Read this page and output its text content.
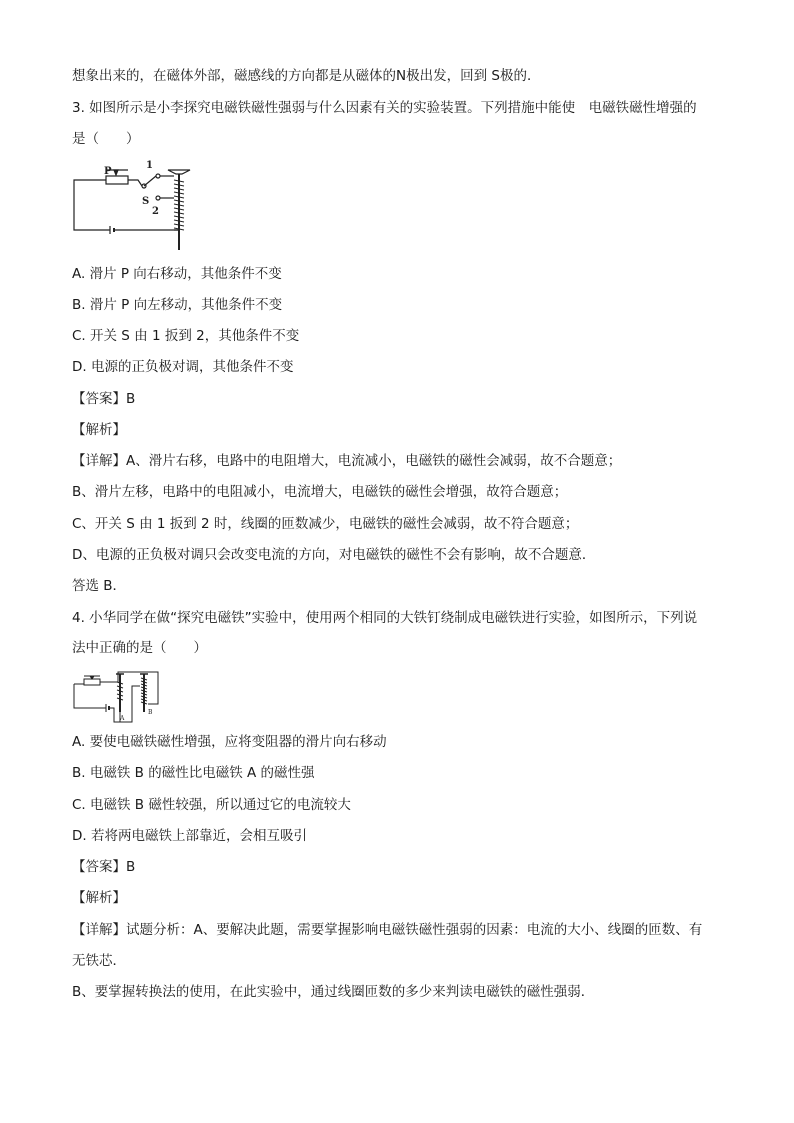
想象出来的，在磁体外部，磁感线的方向都是从磁体的N极出发，回到 S极的．
3. 如图所示是小李探究电磁铁磁性强弱与什么因素有关的实验装置。下列措施中能使　电磁铁磁性增强的
是（　　）
P
1
S
2
A. 滑片 P 向右移动，其他条件不变
B. 滑片 P 向左移动，其他条件不变
C. 开关 S 由 1 扳到 2，其他条件不变
D. 电源的正负极对调，其他条件不变
【答案】B
【解析】
【详解】A、滑片右移，电路中的电阻增大，电流减小，电磁铁的磁性会减弱，故不合题意；
B、滑片左移，电路中的电阻减小，电流增大，电磁铁的磁性会增强，故符合题意；
C、开关 S 由 1 扳到 2 时，线圈的匝数减少，电磁铁的磁性会减弱，故不符合题意；
D、电源的正负极对调只会改变电流的方向，对电磁铁的磁性不会有影响，故不合题意．
答选 B．
4. 小华同学在做“探究电磁铁”实验中，使用两个相同的大铁钉绕制成电磁铁进行实验，如图所示，下列说
法中正确的是（　　）
A
B
A. 要使电磁铁磁性增强，应将变阻器的滑片向右移动
B. 电磁铁 B 的磁性比电磁铁 A 的磁性强
C. 电磁铁 B 磁性较强，所以通过它的电流较大
D. 若将两电磁铁上部靠近，会相互吸引
【答案】B
【解析】
【详解】试题分析：A、要解决此题，需要掌握影响电磁铁磁性强弱的因素：电流的大小、线圈的匝数、有
无铁芯．
B、要掌握转换法的使用，在此实验中，通过线圈匝数的多少来判读电磁铁的磁性强弱．
